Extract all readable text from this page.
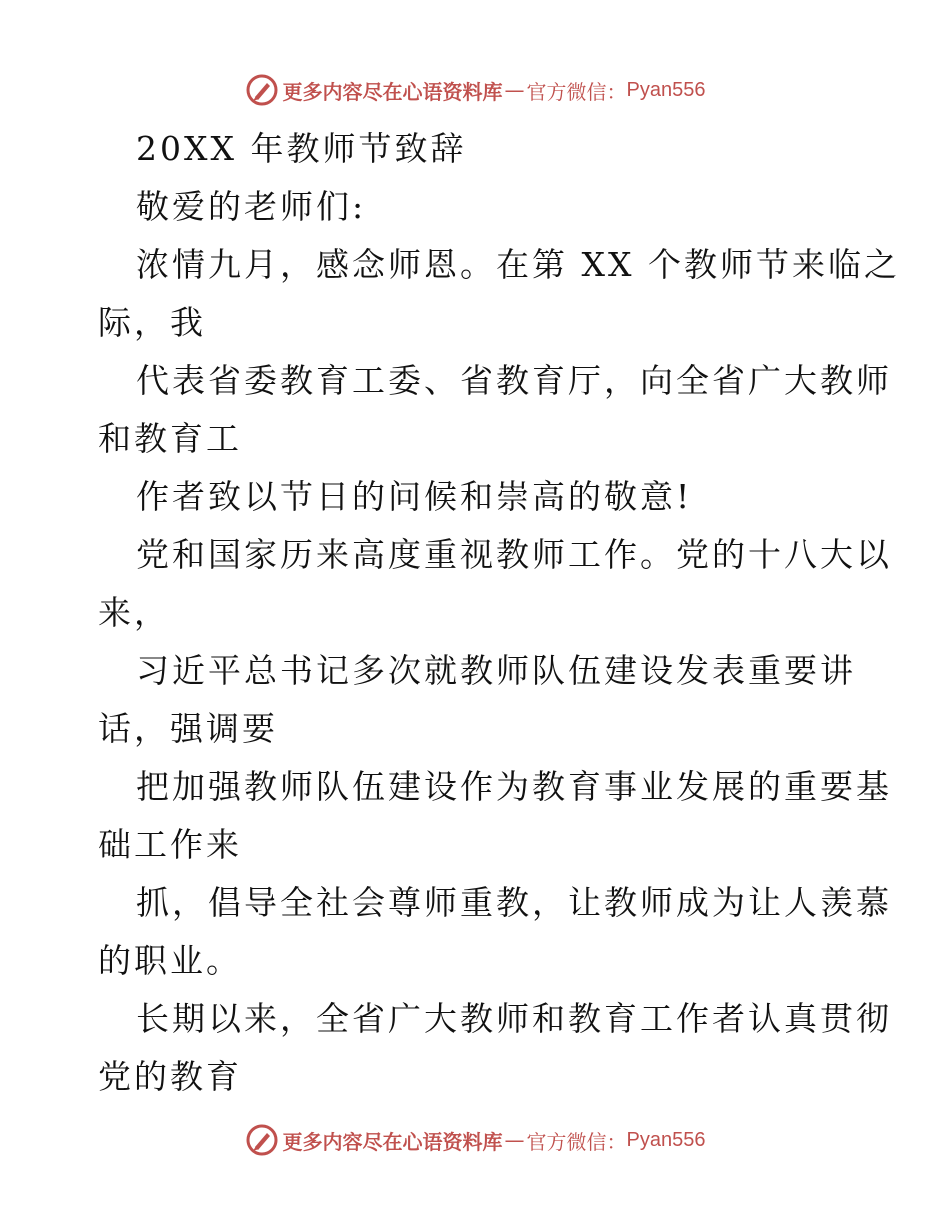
更多内容尽在心语资料库 — 官方微信： Pyan556
20XX 年教师节致辞
敬爱的老师们:
浓情九月，感念师恩。在第 XX 个教师节来临之
际，我
代表省委教育工委、省教育厅，向全省广大教师
和教育工
作者致以节日的问候和崇高的敬意!
党和国家历来高度重视教师工作。党的十八大以
来，
习近平总书记多次就教师队伍建设发表重要讲
话，强调要
把加强教师队伍建设作为教育事业发展的重要基
础工作来
抓，倡导全社会尊师重教，让教师成为让人羡慕
的职业。
长期以来，全省广大教师和教育工作者认真贯彻
党的教育
更多内容尽在心语资料库 — 官方微信： Pyan556
